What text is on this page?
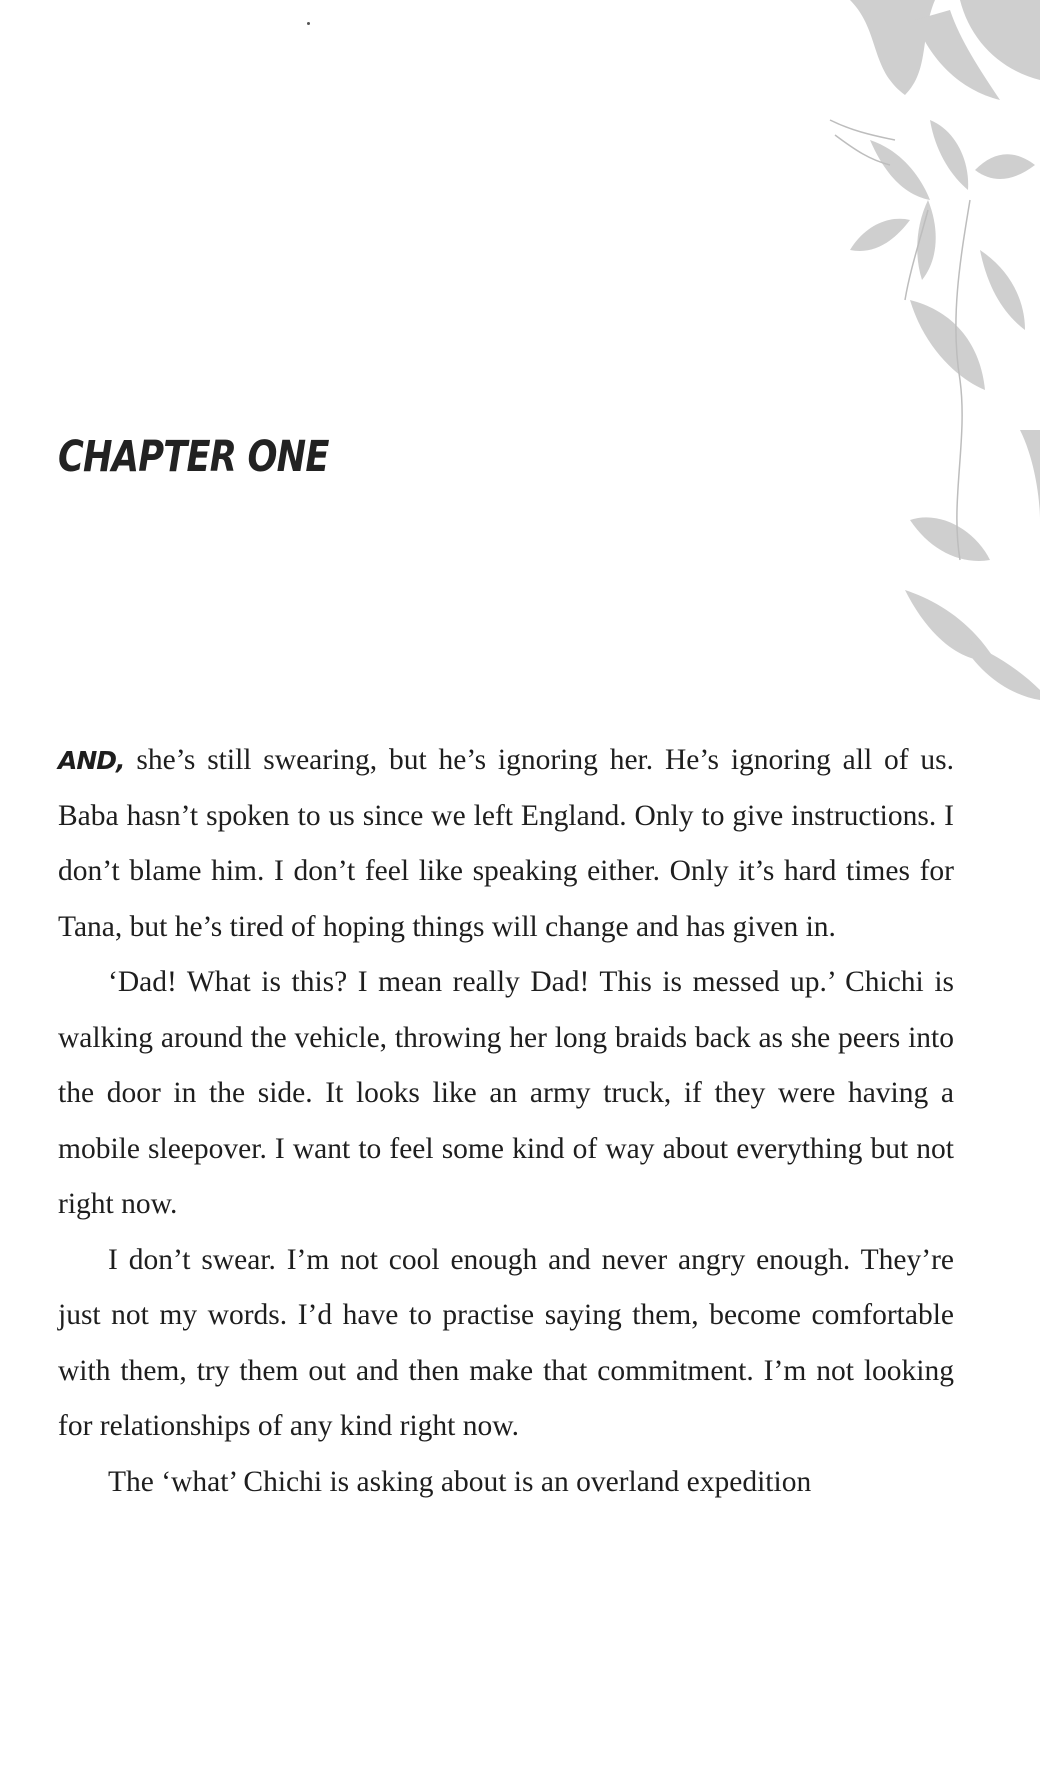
CHAPTER ONE

AND, she’s still swearing, but he’s ignoring her. He’s ignoring all of us. Baba hasn’t spoken to us since we left England. Only to give instructions. I don’t blame him. I don’t feel like speaking either. Only it’s hard times for Tana, but he’s tired of hoping things will change and has given in.

‘Dad! What is this? I mean really Dad! This is messed up.’ Chichi is walking around the vehicle, throwing her long braids back as she peers into the door in the side. It looks like an army truck, if they were having a mobile sleepover. I want to feel some kind of way about everything but not right now.

I don’t swear. I’m not cool enough and never angry enough. They’re just not my words. I’d have to practise saying them, become comfortable with them, try them out and then make that commitment. I’m not looking for relationships of any kind right now.

The ‘what’ Chichi is asking about is an overland expedition
